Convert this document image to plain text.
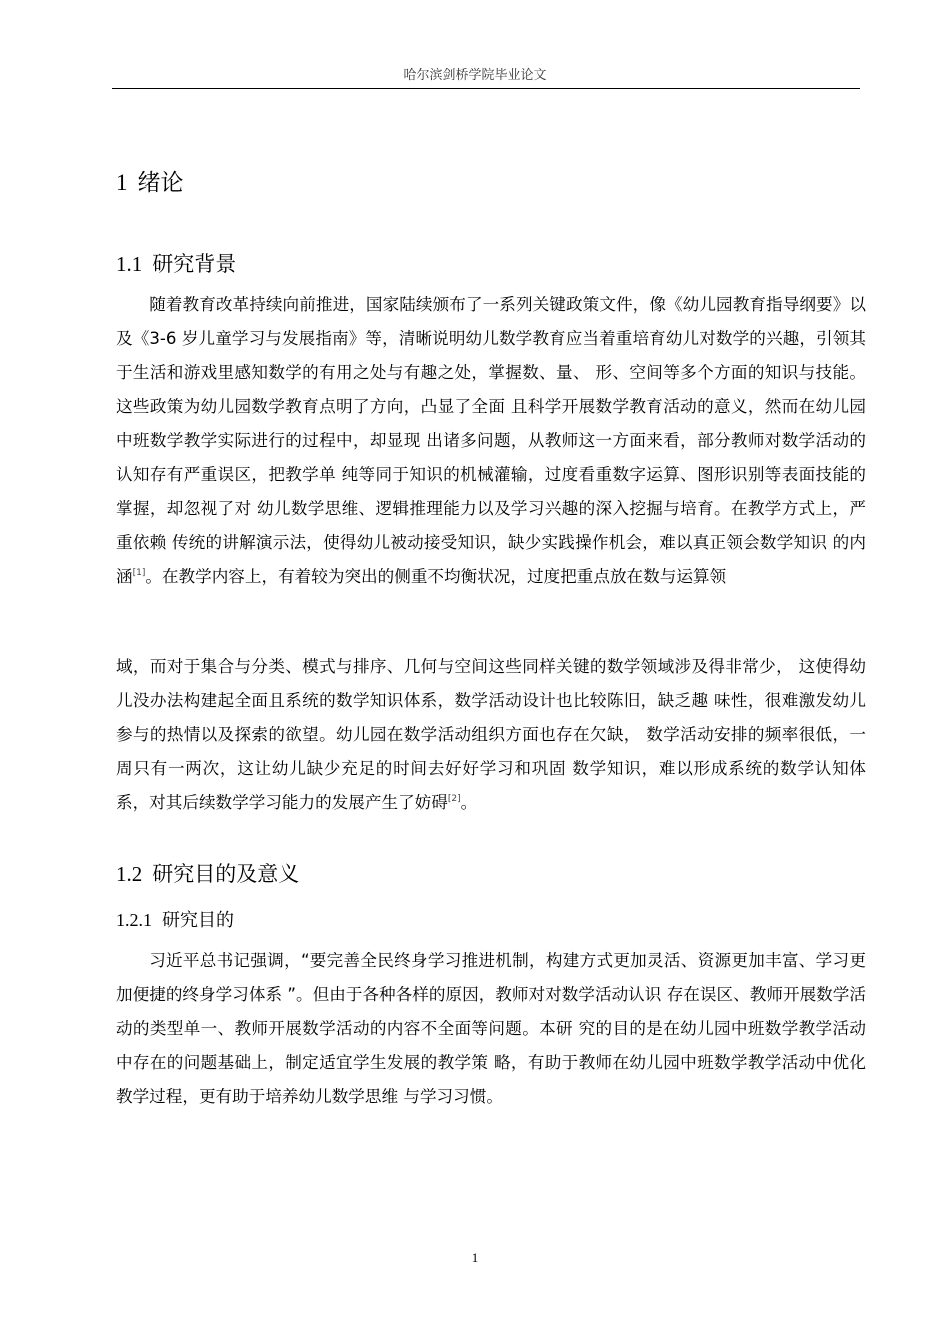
哈尔滨剑桥学院毕业论文
1 绪论
1.1 研究背景

随着教育改革持续向前推进，国家陆续颁布了一系列关键政策文件，像《幼儿园教育指导纲要》以及《3-6 岁儿童学习与发展指南》等，清晰说明幼儿数学教育应当着重培育幼儿对数学的兴趣，引领其于生活和游戏里感知数学的有用之处与有趣之处，掌握数、量、 形、空间等多个方面的知识与技能。这些政策为幼儿园数学教育点明了方向，凸显了全面 且科学开展数学教育活动的意义，然而在幼儿园中班数学教学实际进行的过程中，却显现 出诸多问题，从教师这一方面来看，部分教师对数学活动的认知存有严重误区，把教学单 纯等同于知识的机械灌输，过度看重数字运算、图形识别等表面技能的掌握，却忽视了对 幼儿数学思维、逻辑推理能力以及学习兴趣的深入挖掘与培育。在教学方式上，严重依赖 传统的讲解演示法，使得幼儿被动接受知识，缺少实践操作机会，难以真正领会数学知识 的内涵[1]。在教学内容上，有着较为突出的侧重不均衡状况，过度把重点放在数与运算领

域，而对于集合与分类、模式与排序、几何与空间这些同样关键的数学领域涉及得非常少， 这使得幼儿没办法构建起全面且系统的数学知识体系，数学活动设计也比较陈旧，缺乏趣 味性，很难激发幼儿参与的热情以及探索的欲望。幼儿园在数学活动组织方面也存在欠缺， 数学活动安排的频率很低，一周只有一两次，这让幼儿缺少充足的时间去好好学习和巩固 数学知识，难以形成系统的数学认知体系，对其后续数学学习能力的发展产生了妨碍[2]。

1.2 研究目的及意义
1.2.1 研究目的

习近平总书记强调，“要完善全民终身学习推进机制，构建方式更加灵活、资源更加丰富、学习更加便捷的终身学习体系 ”。但由于各种各样的原因，教师对对数学活动认识 存在误区、教师开展数学活动的类型单一、教师开展数学活动的内容不全面等问题。本研 究的目的是在幼儿园中班数学教学活动中存在的问题基础上，制定适宜学生发展的教学策 略，有助于教师在幼儿园中班数学教学活动中优化教学过程，更有助于培养幼儿数学思维 与学习习惯。

1
